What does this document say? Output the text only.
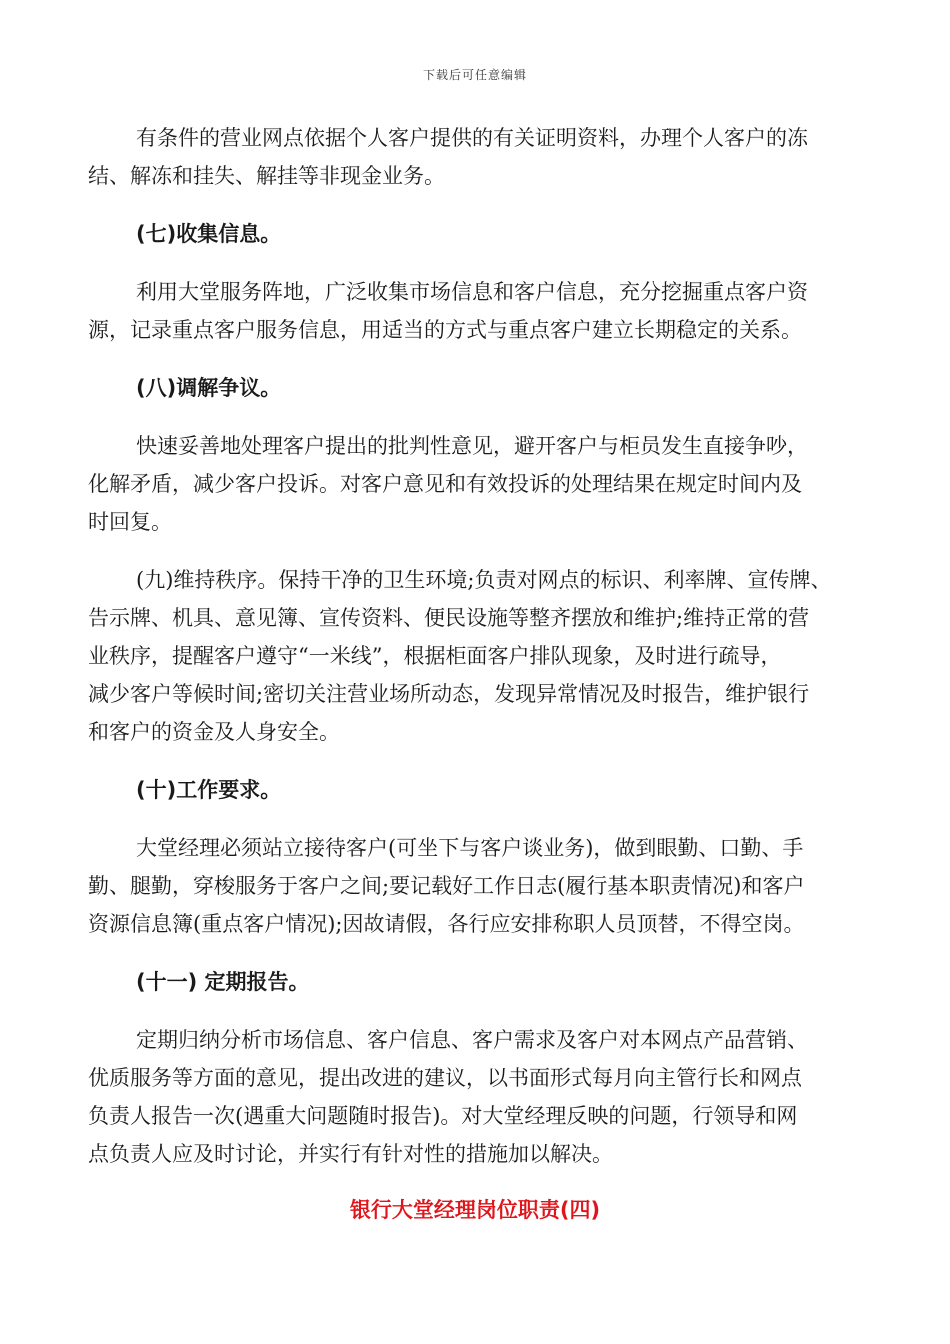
下载后可任意编辑
有条件的营业网点依据个人客户提供的有关证明资料，办理个人客户的冻
结、解冻和挂失、解挂等非现金业务。
(七)收集信息。
利用大堂服务阵地，广泛收集市场信息和客户信息，充分挖掘重点客户资
源，记录重点客户服务信息，用适当的方式与重点客户建立长期稳定的关系。
(八)调解争议。
快速妥善地处理客户提出的批判性意见，避开客户与柜员发生直接争吵，
化解矛盾，减少客户投诉。对客户意见和有效投诉的处理结果在规定时间内及
时回复。
(九)维持秩序。保持干净的卫生环境;负责对网点的标识、利率牌、宣传牌、
告示牌、机具、意见簿、宣传资料、便民设施等整齐摆放和维护;维持正常的营
业秩序，提醒客户遵守“一米线”，根据柜面客户排队现象，及时进行疏导，
减少客户等候时间;密切关注营业场所动态，发现异常情况及时报告，维护银行
和客户的资金及人身安全。
(十)工作要求。
大堂经理必须站立接待客户(可坐下与客户谈业务)，做到眼勤、口勤、手
勤、腿勤，穿梭服务于客户之间;要记载好工作日志(履行基本职责情况)和客户
资源信息簿(重点客户情况);因故请假，各行应安排称职人员顶替，不得空岗。
(十一) 定期报告。
定期归纳分析市场信息、客户信息、客户需求及客户对本网点产品营销、
优质服务等方面的意见，提出改进的建议，以书面形式每月向主管行长和网点
负责人报告一次(遇重大问题随时报告)。对大堂经理反映的问题，行领导和网
点负责人应及时讨论，并实行有针对性的措施加以解决。
银行大堂经理岗位职责(四)
